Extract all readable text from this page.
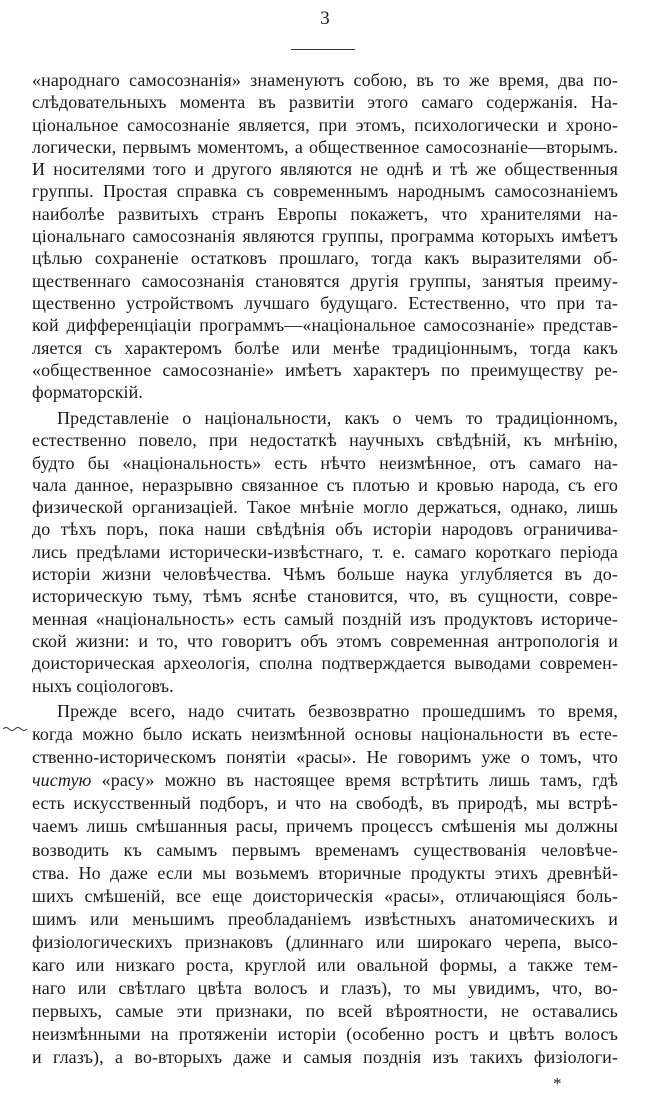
3
«народнаго самосознанія» знаменуютъ собою, въ то же время, два по-
слѣдовательныхъ момента въ развитіи этого самаго содержанія. На-
ціональное самосознаніе является, при этомъ, психологически и хроно-
логически, первымъ моментомъ, а общественное самосознаніе—вторымъ.
И носителями того и другого являются не однѣ и тѣ же общественныя
группы. Простая справка съ современнымъ народнымъ самосознаніемъ
наиболѣе развитыхъ странъ Европы покажетъ, что хранителями на-
ціональнаго самосознанія являются группы, программа которыхъ имѣетъ
цѣлью сохраненіе остатковъ прошлаго, тогда какъ выразителями об-
щественнаго самосознанія становятся другія группы, занятыя преиму-
щественно устройствомъ лучшаго будущаго. Естественно, что при та-
кой дифференціаціи программъ—«національное самосознаніе» представ-
ляется съ характеромъ болѣе или менѣе традиціоннымъ, тогда какъ
«общественное самосознаніе» имѣетъ характеръ по преимуществу ре-
форматорскій.
Представленіе о національности, какъ о чемъ то традиціонномъ,
естественно повело, при недостаткѣ научныхъ свѣдѣній, къ мнѣнію,
будто бы «національность» есть нѣчто неизмѣнное, отъ самаго на-
чала данное, неразрывно связанное съ плотью и кровью народа, съ его
физической организаціей. Такое мнѣніе могло держаться, однако, лишь
до тѣхъ поръ, пока наши свѣдѣнія объ исторіи народовъ ограничива-
лись предѣлами исторически-извѣстнаго, т. е. самаго короткаго періода
исторіи жизни человѣчества. Чѣмъ больше наука углубляется въ до-
историческую тьму, тѣмъ яснѣе становится, что, въ сущности, совре-
менная «національность» есть самый поздній изъ продуктовъ историче-
ской жизни: и то, что говоритъ объ этомъ современная антропологія и
доисторическая археологія, сполна подтверждается выводами современ-
ныхъ соціологовъ.
Прежде всего, надо считать безвозвратно прошедшимъ то время,
когда можно было искать неизмѣнной основы національности въ есте-
ственно-историческомъ понятіи «расы». Не говоримъ уже о томъ, что
чистую «расу» можно въ настоящее время встрѣтить лишь тамъ, гдѣ
есть искусственный подборъ, и что на свободѣ, въ природѣ, мы встрѣ-
чаемъ лишь смѣшанныя расы, причемъ процессъ смѣшенія мы должны
возводить къ самымъ первымъ временамъ существованія человѣче-
ства. Но даже если мы возьмемъ вторичные продукты этихъ древнѣй-
шихъ смѣшеній, все еще доисторическія «расы», отличающіяся боль-
шимъ или меньшимъ преобладаніемъ извѣстныхъ анатомическихъ и
физіологическихъ признаковъ (длиннаго или широкаго черепа, высо-
каго или низкаго роста, круглой или овальной формы, а также тем-
наго или свѣтлаго цвѣта волосъ и глазъ), то мы увидимъ, что, во-
первыхъ, самые эти признаки, по всей вѣроятности, не оставались
неизмѣнными на протяженіи исторіи (особенно ростъ и цвѣтъ волосъ
и глазъ), а во-вторыхъ даже и самыя позднія изъ такихъ физіологи-
*
